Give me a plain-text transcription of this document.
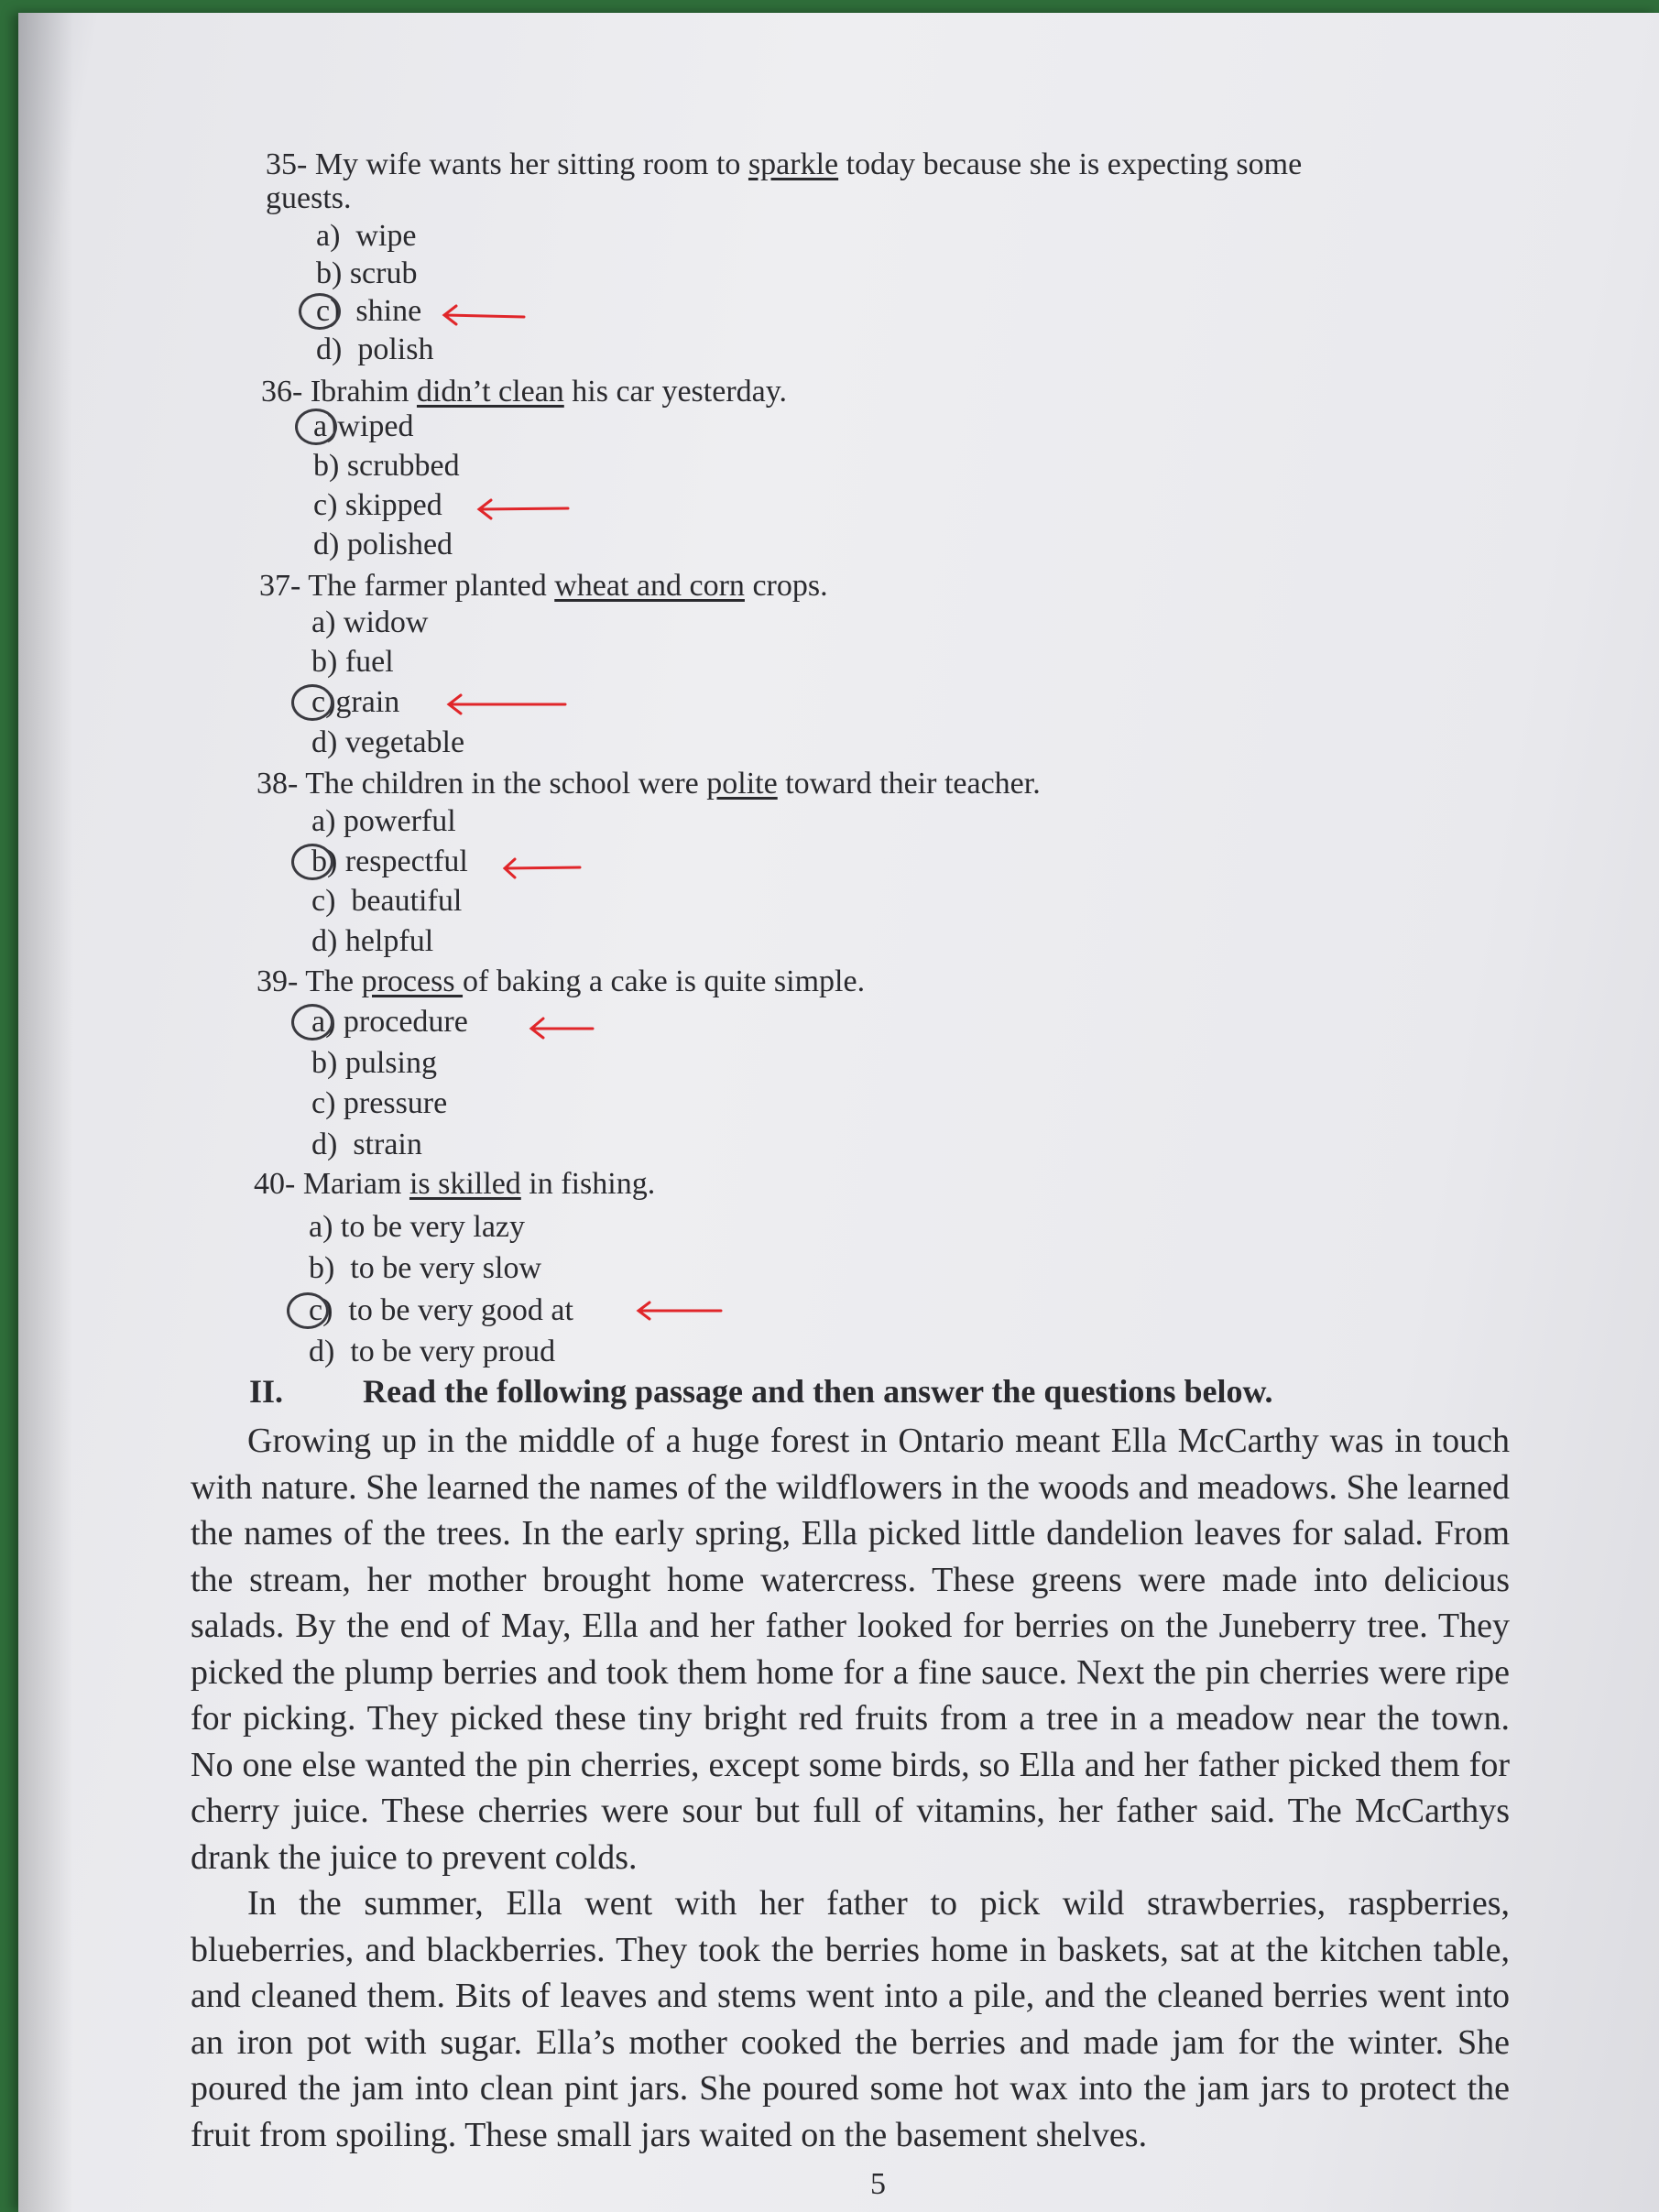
35- My wife wants her sitting room to sparkle today because she is expecting some
guests.
a) wipe
b) scrub
c) shine
d) polish
36- Ibrahim didn’t clean his car yesterday.
a)wiped
b) scrubbed
c) skipped
d) polished
37- The farmer planted wheat and corn crops.
a) widow
b) fuel
c)grain
d) vegetable
38- The children in the school were polite toward their teacher.
a) powerful
b) respectful
c) beautiful
d) helpful
39- The process of baking a cake is quite simple.
a) procedure
b) pulsing
c) pressure
d) strain
40- Mariam is skilled in fishing.
a) to be very lazy
b) to be very slow
c) to be very good at
d) to be very proud
II. Read the following passage and then answer the questions below.

Growing up in the middle of a huge forest in Ontario meant Ella McCarthy was in touch with nature. She learned the names of the wildflowers in the woods and meadows. She learned the names of the trees. In the early spring, Ella picked little dandelion leaves for salad. From the stream, her mother brought home watercress. These greens were made into delicious salads. By the end of May, Ella and her father looked for berries on the Juneberry tree. They picked the plump berries and took them home for a fine sauce. Next the pin cherries were ripe for picking. They picked these tiny bright red fruits from a tree in a meadow near the town. No one else wanted the pin cherries, except some birds, so Ella and her father picked them for cherry juice. These cherries were sour but full of vitamins, her father said. The McCarthys drank the juice to prevent colds.

In the summer, Ella went with her father to pick wild strawberries, raspberries, blueberries, and blackberries. They took the berries home in baskets, sat at the kitchen table, and cleaned them. Bits of leaves and stems went into a pile, and the cleaned berries went into an iron pot with sugar. Ella’s mother cooked the berries and made jam for the winter. She poured the jam into clean pint jars. She poured some hot wax into the jam jars to protect the fruit from spoiling. These small jars waited on the basement shelves.

5
